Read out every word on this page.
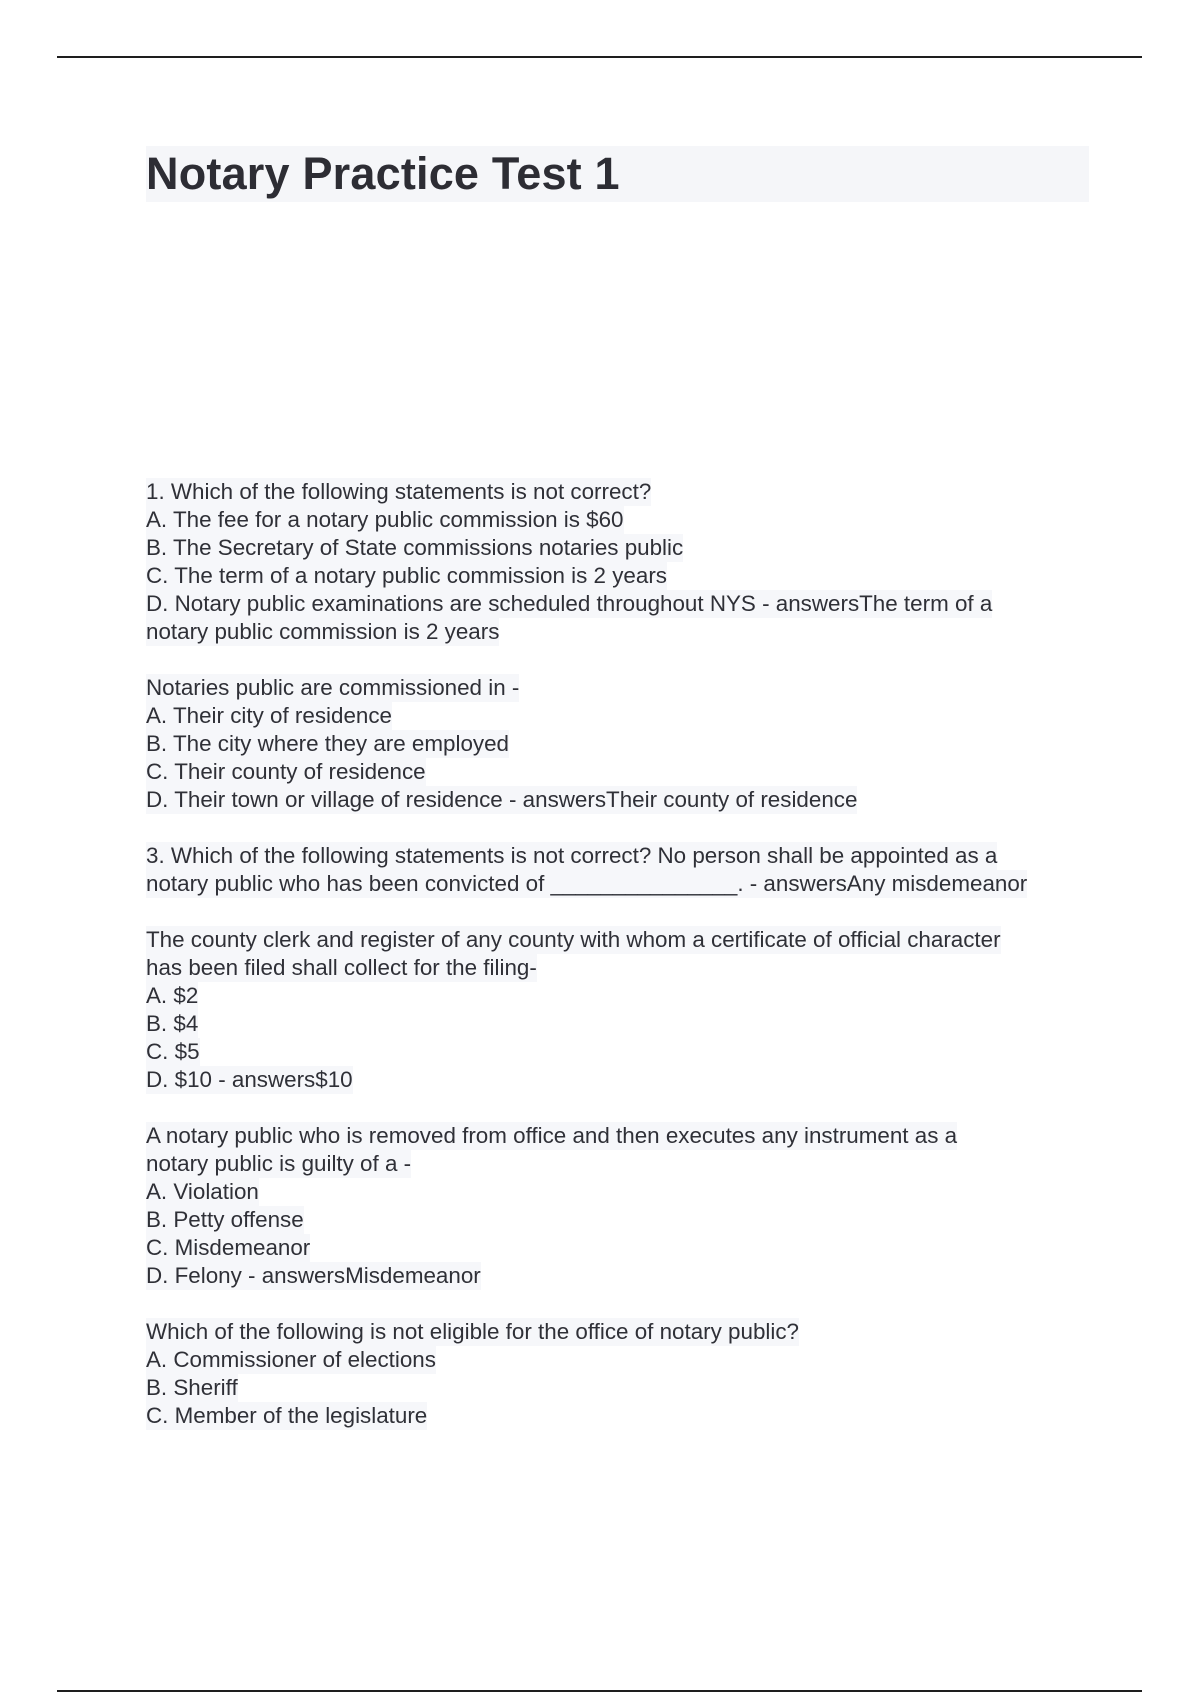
Notary Practice Test 1
1. Which of the following statements is not correct?
A. The fee for a notary public commission is $60
B. The Secretary of State commissions notaries public
C. The term of a notary public commission is 2 years
D. Notary public examinations are scheduled throughout NYS - answersThe term of a
notary public commission is 2 years
Notaries public are commissioned in -
A. Their city of residence
B. The city where they are employed
C. Their county of residence
D. Their town or village of residence - answersTheir county of residence
3. Which of the following statements is not correct? No person shall be appointed as a
notary public who has been convicted of _______________. - answersAny misdemeanor
The county clerk and register of any county with whom a certificate of official character
has been filed shall collect for the filing-
A. $2
B. $4
C. $5
D. $10 - answers$10
A notary public who is removed from office and then executes any instrument as a
notary public is guilty of a -
A. Violation
B. Petty offense
C. Misdemeanor
D. Felony - answersMisdemeanor
Which of the following is not eligible for the office of notary public?
A. Commissioner of elections
B. Sheriff
C. Member of the legislature
